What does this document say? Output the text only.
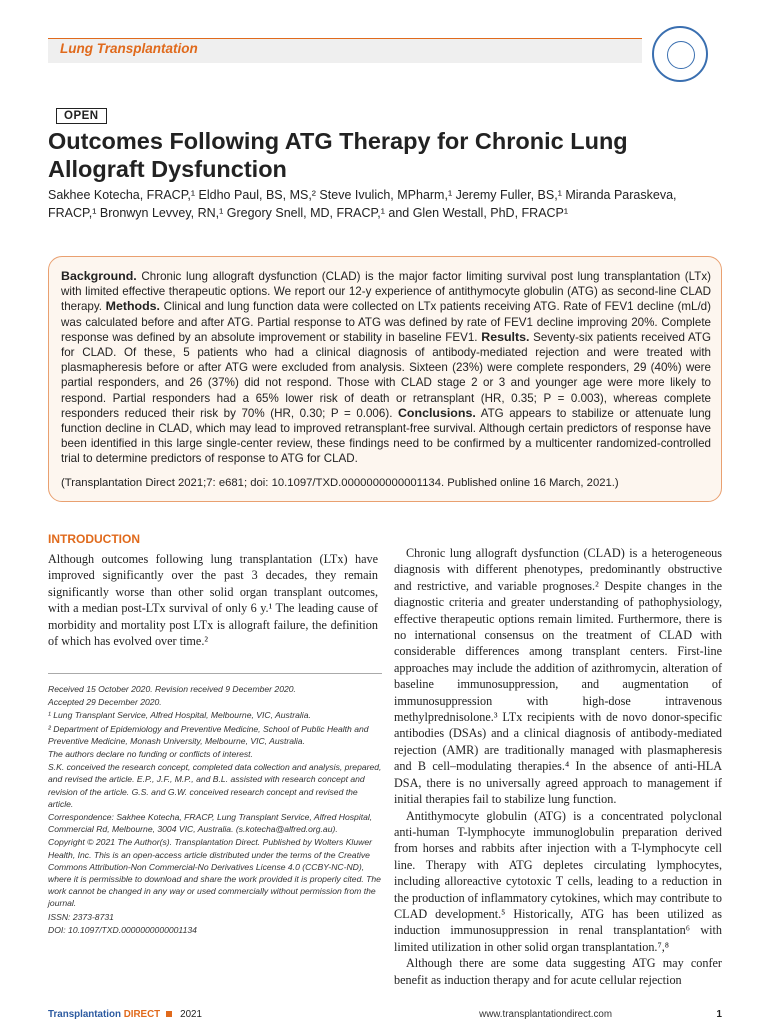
Lung Transplantation
OPEN
Outcomes Following ATG Therapy for Chronic Lung Allograft Dysfunction

Sakhee Kotecha, FRACP,¹ Eldho Paul, BS, MS,² Steve Ivulich, MPharm,¹ Jeremy Fuller, BS,¹ Miranda Paraskeva, FRACP,¹ Bronwyn Levvey, RN,¹ Gregory Snell, MD, FRACP,¹ and Glen Westall, PhD, FRACP¹

Background. Chronic lung allograft dysfunction (CLAD) is the major factor limiting survival post lung transplantation (LTx) with limited effective therapeutic options. We report our 12-y experience of antithymocyte globulin (ATG) as second-line CLAD therapy. Methods. Clinical and lung function data were collected on LTx patients receiving ATG. Rate of FEV1 decline (mL/d) was calculated before and after ATG. Partial response to ATG was defined by rate of FEV1 decline improving 20%. Complete response was defined by an absolute improvement or stability in baseline FEV1. Results. Seventy-six patients received ATG for CLAD. Of these, 5 patients who had a clinical diagnosis of antibody-mediated rejection and were treated with plasmapheresis before or after ATG were excluded from analysis. Sixteen (23%) were complete responders, 29 (40%) were partial responders, and 26 (37%) did not respond. Those with CLAD stage 2 or 3 and younger age were more likely to respond. Partial responders had a 65% lower risk of death or retransplant (HR, 0.35; P = 0.003), whereas complete responders reduced their risk by 70% (HR, 0.30; P = 0.006). Conclusions. ATG appears to stabilize or attenuate lung function decline in CLAD, which may lead to improved retransplant-free survival. Although certain predictors of response have been identified in this large single-center review, these findings need to be confirmed by a multicenter randomized-controlled trial to determine predictors of response to ATG for CLAD.

(Transplantation Direct 2021;7: e681; doi: 10.1097/TXD.0000000000001134. Published online 16 March, 2021.)

INTRODUCTION

Although outcomes following lung transplantation (LTx) have improved significantly over the past 3 decades, they remain significantly worse than other solid organ transplant outcomes, with a median post-LTx survival of only 6 y.¹ The leading cause of morbidity and mortality post LTx is allograft failure, the definition of which has evolved over time.²

Received 15 October 2020. Revision received 9 December 2020.

Accepted 29 December 2020.

¹ Lung Transplant Service, Alfred Hospital, Melbourne, VIC, Australia.

² Department of Epidemiology and Preventive Medicine, School of Public Health and Preventive Medicine, Monash University, Melbourne, VIC, Australia.

The authors declare no funding or conflicts of interest.

S.K. conceived the research concept, completed data collection and analysis, prepared, and revised the article. E.P., J.F., M.P., and B.L. assisted with research concept and revision of the article. G.S. and G.W. conceived research concept and revised the article.

Correspondence: Sakhee Kotecha, FRACP, Lung Transplant Service, Alfred Hospital, Commercial Rd, Melbourne, 3004 VIC, Australia. (s.kotecha@alfred.org.au).

Copyright © 2021 The Author(s). Transplantation Direct. Published by Wolters Kluwer Health, Inc. This is an open-access article distributed under the terms of the Creative Commons Attribution-Non Commercial-No Derivatives License 4.0 (CCBY-NC-ND), where it is permissible to download and share the work provided it is properly cited. The work cannot be changed in any way or used commercially without permission from the journal.

ISSN: 2373-8731

DOI: 10.1097/TXD.0000000000001134

Chronic lung allograft dysfunction (CLAD) is a heterogeneous diagnosis with different phenotypes, predominantly obstructive and restrictive, and variable prognoses.² Despite changes in the diagnostic criteria and greater understanding of pathophysiology, effective therapeutic options remain limited. Furthermore, there is no international consensus on the treatment of CLAD with considerable differences among transplant centers. First-line approaches may include the addition of azithromycin, alteration of baseline immunosuppression, and augmentation of immunosuppression with high-dose intravenous methylprednisolone.³ LTx recipients with de novo donor-specific antibodies (DSAs) and a clinical diagnosis of antibody-mediated rejection (AMR) are traditionally managed with plasmapheresis and B cell–modulating therapies.⁴ In the absence of anti-HLA DSA, there is no universally agreed approach to management if initial therapies fail to stabilize lung function.

Antithymocyte globulin (ATG) is a concentrated polyclonal anti-human T-lymphocyte immunoglobulin preparation derived from horses and rabbits after injection with a T-lymphocyte cell line. Therapy with ATG depletes circulating lymphocytes, including alloreactive cytotoxic T cells, leading to a reduction in the production of inflammatory cytokines, which may contribute to CLAD development.⁵ Historically, ATG has been utilized as induction immunosuppression in renal transplantation⁶ with limited utilization in other solid organ transplantation.⁷,⁸

Although there are some data suggesting ATG may confer benefit as induction therapy and for acute cellular rejection

Transplantation DIRECT 2021	www.transplantationdirect.com	1
